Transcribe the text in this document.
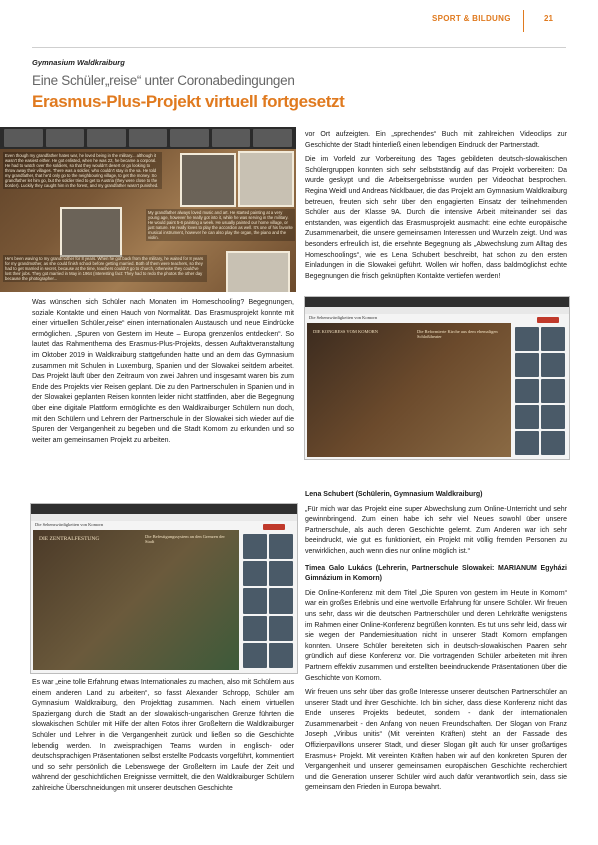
SPORT & BILDUNG	21
Gymnasium Waldkraiburg
Eine Schüler„reise“ unter Coronabedingungen
Erasmus-Plus-Projekt virtuell fortgesetzt
Even though my grandfather hates war, he loved being in the military... although it wasn't the easiest either. He got enlisted, when he was 22, he became a corporal. He had to watch over the soldiers, so that they wouldn't desert or go looking to throw away their villages. There was a soldier, who couldn't stay in the va. He told my grandfather, that he'd only go to the neighbouring village, to get the money. So grandfather let him go, but the soldier tried to get to Austria (they were close to the border). Luckily they caught him in the forest, and my grandfather wasn't punished.
My grandfather always loved music and art. He started painting at a very young age, however he really got into it, while he was serving in the military. He would paint 5-6 painting a week. He usually painted our home village, or just nature. He really loves to play the accordion as well. It's one of his favorite musical instrument, however he can also play the organ, the piano and the violin.
He's been waving to my grandmother for 8 years. When he got back from the military, he waited for 8 years for my grandmother, as she could finish school before getting married. Both of them were teachers, so they had to get married in secret, because at the time, teachers couldn't go to church, otherwise they could've lost their jobs. They got married in May in 1964 (Interesting fact: They had to redo the photos the other day because the photographer...

Was wünschen sich Schüler nach Monaten im Homeschooling? Begegnungen, soziale Kontakte und einen Hauch von Normalität. Das Erasmusprojekt konnte mit einer virtuellen Schüler„reise“ einen internationalen Austausch und neue Eindrücke ermöglichen. „Spuren von Gestern im Heute – Europa grenzenlos entdecken“. So lautet das Rahmenthema des Erasmus-Plus-Projekts, dessen Auftaktveranstaltung im Oktober 2019 in Waldkraiburg stattgefunden hatte und an dem das Gymnasium zusammen mit Schulen in Luxemburg, Spanien und der Slowakei seitdem arbeitet. Das Projekt läuft über den Zeitraum von zwei Jahren und insgesamt waren bis zum Ende des Projekts vier Reisen geplant. Die zu den Partnerschulen in Spanien und in der Slowakei geplanten Reisen konnten leider nicht stattfinden, aber die Begegnung über eine digitale Plattform ermöglichte es den Waldkraiburger Schülern nun doch, mit den Schülern und Lehrern der Partnerschule in der Slowakei sich wieder auf die Spuren der Vergangenheit zu begeben und die Stadt Komorn zu erkunden und so weiter am gemeinsamen Projekt zu arbeiten.

Die Sehenswürdigkeiten von Komorn
DIE ZENTRALFESTUNG	Die Befestigungssystem an den Grenzen der Stadt

Es war „eine tolle Erfahrung etwas Internationales zu machen, also mit Schülern aus einem anderen Land zu arbeiten“, so fasst Alexander Schropp, Schüler am Gymnasium Waldkraiburg, den Projekttag zusammen. Nach einem virtuellen Spaziergang durch die Stadt an der slowakisch-ungarischen Grenze führten die slowakischen Schüler mit Hilfe der alten Fotos ihrer Großeltern die Waldkraiburger Schüler und Lehrer in die Vergangenheit zurück und ließen so die Geschichte lebendig werden. In zweisprachigen Teams wurden in englisch- oder deutschsprachigen Präsentationen selbst erstellte Podcasts vorgeführt, kommentiert und so sehr persönlich die Lebenswege der Großeltern im Laufe der Zeit und während der geschichtlichen Ereignisse vermittelt, die den Waldkraiburger Schülern zahlreiche Überschneidungen mit unserer deutschen Geschichte

vor Ort aufzeigten. Ein „sprechendes“ Buch mit zahlreichen Videoclips zur Geschichte der Stadt hinterließ einen lebendigen Eindruck der Partnerstadt.

Die im Vorfeld zur Vorbereitung des Tages gebildeten deutsch-slowakischen Schülergruppen konnten sich sehr selbstständig auf das Projekt vorbereiten: Da wurde geskypt und die Arbeitsergebnisse wurden per Videochat besprochen. Regina Weidl und Andreas Nicklbauer, die das Projekt am Gymnasium Waldkraiburg betreuen, freuten sich sehr über den engagierten Einsatz der teilnehmenden Schüler aus der Klasse 9A. Durch die intensive Arbeit miteinander sei das entstanden, was eigentlich das Erasmusprojekt ausmacht: eine echte europäische Zusammenarbeit, die unsere gemeinsamen Interessen und Wurzeln zeigt. Und was besonders erfreulich ist, die ersehnte Begegnung als „Abwechslung zum Alltag des Homeschoolings“, wie es Lena Schubert beschreibt, hat schon zu den ersten Einladungen in die Slowakei geführt. Wollen wir hoffen, dass baldmöglichst echte Begegnungen die frisch geknüpften Kontakte vertiefen werden!

Die Sehenswürdigkeiten von Komorn
DIE KONGRESS VOM KOMORN	Die Reformierte Kirche aus dem ehemaligen Schloßtheater

Lena Schubert (Schülerin, Gymnasium Waldkraiburg)

„Für mich war das Projekt eine super Abwechslung zum Online-Unterricht und sehr gewinnbringend. Zum einen habe ich sehr viel Neues sowohl über unsere Partnerschule, als auch deren Geschichte gelernt. Zum Anderen war ich sehr beeindruckt, wie gut es funktioniert, ein Projekt mit völlig fremden Personen zu verwirklichen, auch wenn dies nur online möglich ist.“

Timea Galo Lukács (Lehrerin, Partnerschule Slowakei: MARIANUM Egyházi Gimnázium in Komorn)

Die Online-Konferenz mit dem Titel „Die Spuren von gestern im Heute in Komorn“ war ein großes Erlebnis und eine wertvolle Erfahrung für unsere Schüler. Wir freuen uns sehr, dass wir die deutschen Partnerschüler und deren Lehrkräfte wenigstens im Rahmen einer Online-Konferenz begrüßen konnten. Es tut uns sehr leid, dass wir sie wegen der Pandemiesituation nicht in unserer Stadt Komorn empfangen konnten. Unsere Schüler bereiteten sich in deutsch-slowakischen Paaren sehr gründlich auf diese Konferenz vor. Die vortragenden Schüler arbeiteten mit ihren Partnern effektiv zusammen und erstellten beeindruckende Präsentationen über die Geschichte von Komorn.

Wir freuen uns sehr über das große Interesse unserer deutschen Partnerschüler an unserer Stadt und ihrer Geschichte. Ich bin sicher, dass diese Konferenz nicht das Ende unseres Projekts bedeutet, sondern - dank der internationalen Zusammenarbeit - den Anfang von neuen Freundschaften. Der Slogan von Franz Joseph „Viribus unitis“ (Mit vereinten Kräften) steht an der Fassade des Offizierpavillons unserer Stadt, und dieser Slogan gilt auch für unser großartiges Erasmus+ Projekt. Mit vereinten Kräften haben wir auf den konkreten Spuren der Vergangenheit und unserer gemeinsamen europäischen Geschichte recherchiert und die Generation unserer Schüler wird auch dafür verantwortlich sein, dass sie gemeinsam den Frieden in Europa bewahrt.
